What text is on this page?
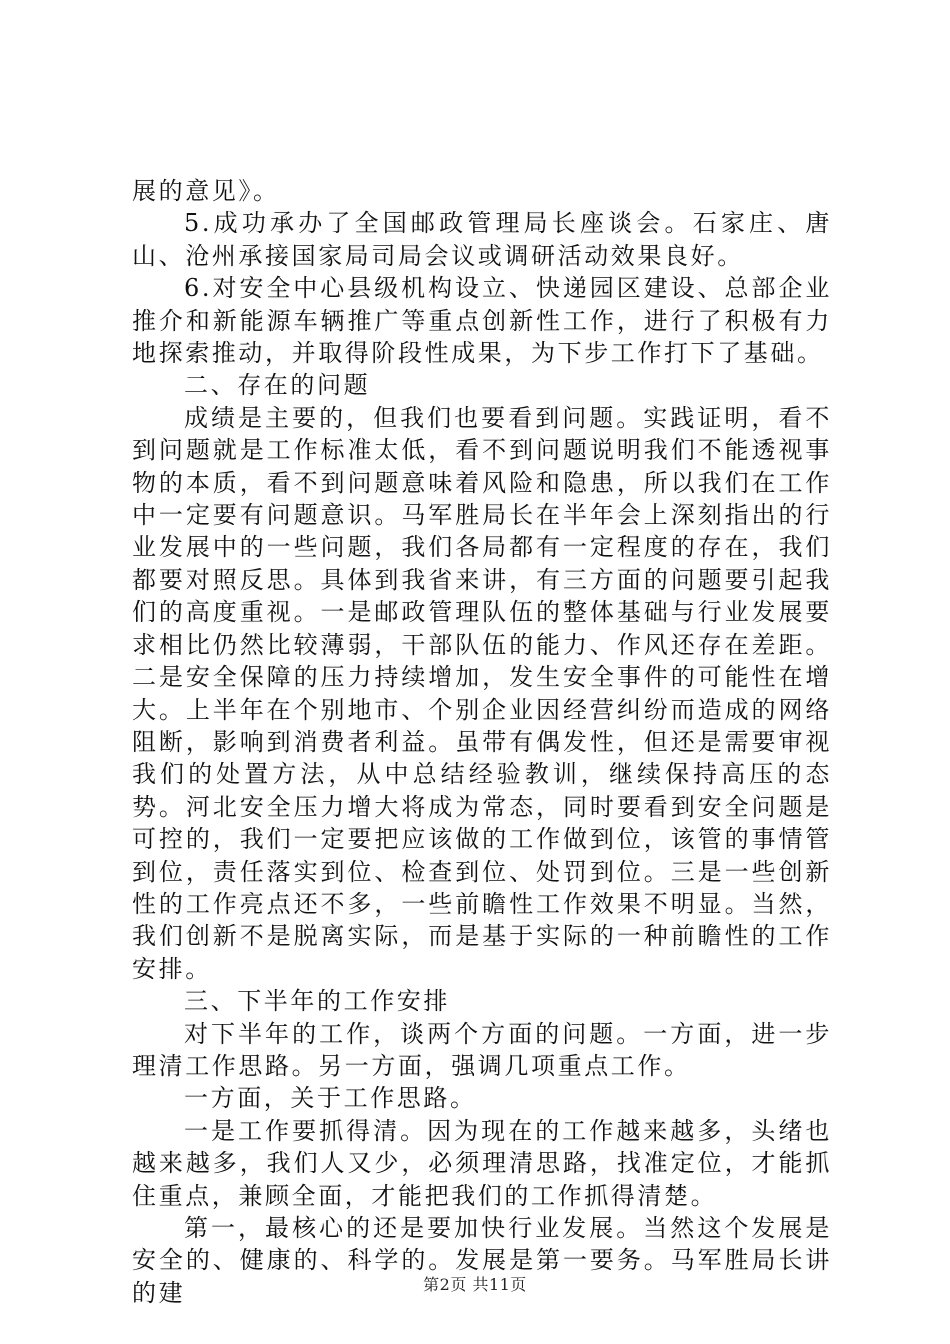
展的意见》。

5.成功承办了全国邮政管理局长座谈会。石家庄、唐山、沧州承接国家局司局会议或调研活动效果良好。

6.对安全中心县级机构设立、快递园区建设、总部企业推介和新能源车辆推广等重点创新性工作，进行了积极有力地探索推动，并取得阶段性成果，为下步工作打下了基础。

二、存在的问题

成绩是主要的，但我们也要看到问题。实践证明，看不到问题就是工作标准太低，看不到问题说明我们不能透视事物的本质，看不到问题意味着风险和隐患，所以我们在工作中一定要有问题意识。马军胜局长在半年会上深刻指出的行业发展中的一些问题，我们各局都有一定程度的存在，我们都要对照反思。具体到我省来讲，有三方面的问题要引起我们的高度重视。一是邮政管理队伍的整体基础与行业发展要求相比仍然比较薄弱，干部队伍的能力、作风还存在差距。二是安全保障的压力持续增加，发生安全事件的可能性在增大。上半年在个别地市、个别企业因经营纠纷而造成的网络阻断，影响到消费者利益。虽带有偶发性，但还是需要审视我们的处置方法，从中总结经验教训，继续保持高压的态势。河北安全压力增大将成为常态，同时要看到安全问题是可控的，我们一定要把应该做的工作做到位，该管的事情管到位，责任落实到位、检查到位、处罚到位。三是一些创新性的工作亮点还不多，一些前瞻性工作效果不明显。当然，我们创新不是脱离实际，而是基于实际的一种前瞻性的工作安排。

三、下半年的工作安排

对下半年的工作，谈两个方面的问题。一方面，进一步理清工作思路。另一方面，强调几项重点工作。

一方面，关于工作思路。

一是工作要抓得清。因为现在的工作越来越多，头绪也越来越多，我们人又少，必须理清思路，找准定位，才能抓住重点，兼顾全面，才能把我们的工作抓得清楚。

第一，最核心的还是要加快行业发展。当然这个发展是安全的、健康的、科学的。发展是第一要务。马军胜局长讲的建	第2页 共11页
